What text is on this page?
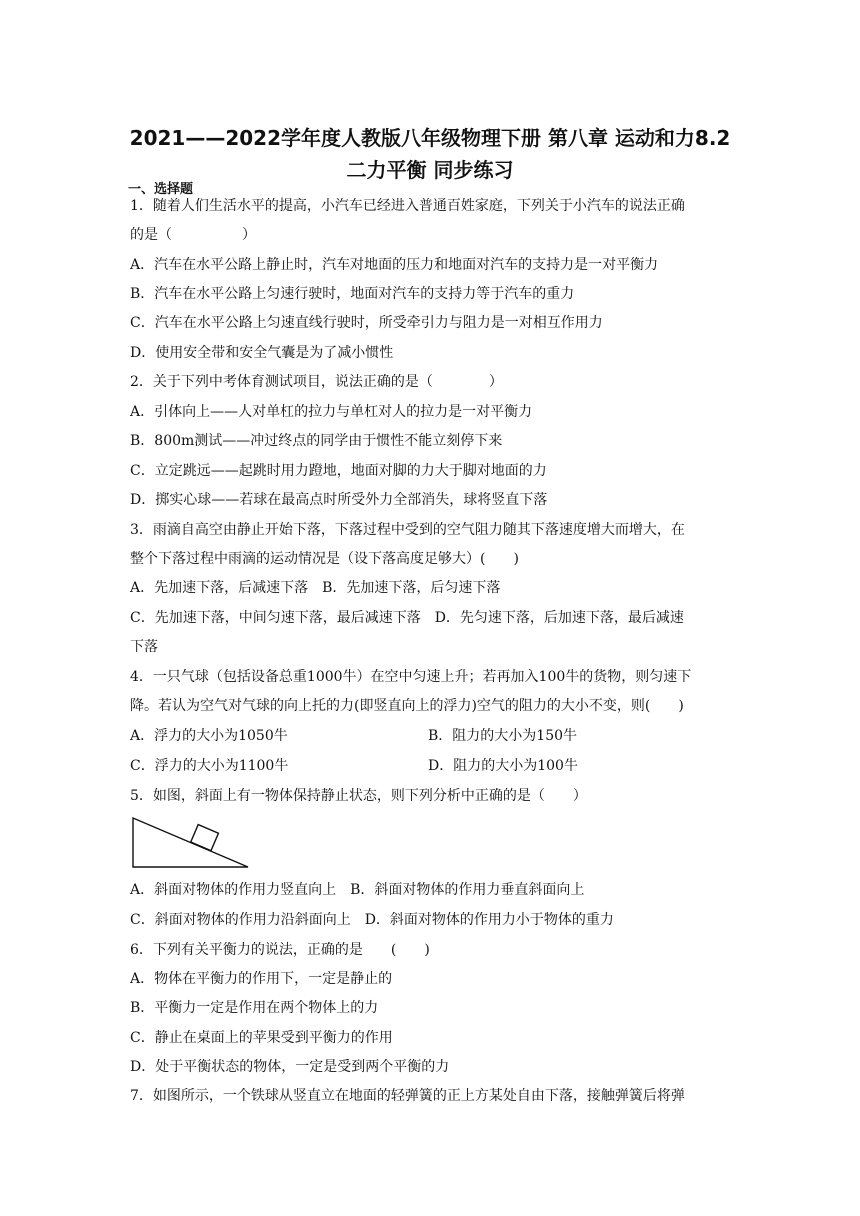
2021——2022学年度人教版八年级物理下册 第八章 运动和力8.2
二力平衡 同步练习
一、选择题
1．随着人们生活水平的提高，小汽车已经进入普通百姓家庭，下列关于小汽车的说法正确
的是（　　　　　）
A．汽车在水平公路上静止时，汽车对地面的压力和地面对汽车的支持力是一对平衡力
B．汽车在水平公路上匀速行驶时，地面对汽车的支持力等于汽车的重力
C．汽车在水平公路上匀速直线行驶时，所受牵引力与阻力是一对相互作用力
D．使用安全带和安全气囊是为了减小惯性
2．关于下列中考体育测试项目，说法正确的是（　　　　）
A．引体向上——人对单杠的拉力与单杠对人的拉力是一对平衡力
B．800m测试——冲过终点的同学由于惯性不能立刻停下来
C．立定跳远——起跳时用力蹬地，地面对脚的力大于脚对地面的力
D．掷实心球——若球在最高点时所受外力全部消失，球将竖直下落
3．雨滴自高空由静止开始下落，下落过程中受到的空气阻力随其下落速度增大而增大，在
整个下落过程中雨滴的运动情况是（设下落高度足够大）(　　)
A．先加速下落，后减速下落　B．先加速下落，后匀速下落
C．先加速下落，中间匀速下落，最后减速下落　D．先匀速下落，后加速下落，最后减速
下落
4．一只气球（包括设备总重1000牛）在空中匀速上升；若再加入100牛的货物，则匀速下
降。若认为空气对气球的向上托的力(即竖直向上的浮力)空气的阻力的大小不变，则(　　)
A．浮力的大小为1050牛	B．阻力的大小为150牛
C．浮力的大小为1100牛	D．阻力的大小为100牛
5．如图，斜面上有一物体保持静止状态，则下列分析中正确的是（　　）
A．斜面对物体的作用力竖直向上　B．斜面对物体的作用力垂直斜面向上
C．斜面对物体的作用力沿斜面向上　D．斜面对物体的作用力小于物体的重力
6．下列有关平衡力的说法，正确的是　　(　　)
A．物体在平衡力的作用下，一定是静止的
B．平衡力一定是作用在两个物体上的力
C．静止在桌面上的苹果受到平衡力的作用
D．处于平衡状态的物体，一定是受到两个平衡的力
7．如图所示，一个铁球从竖直立在地面的轻弹簧的正上方某处自由下落，接触弹簧后将弹
